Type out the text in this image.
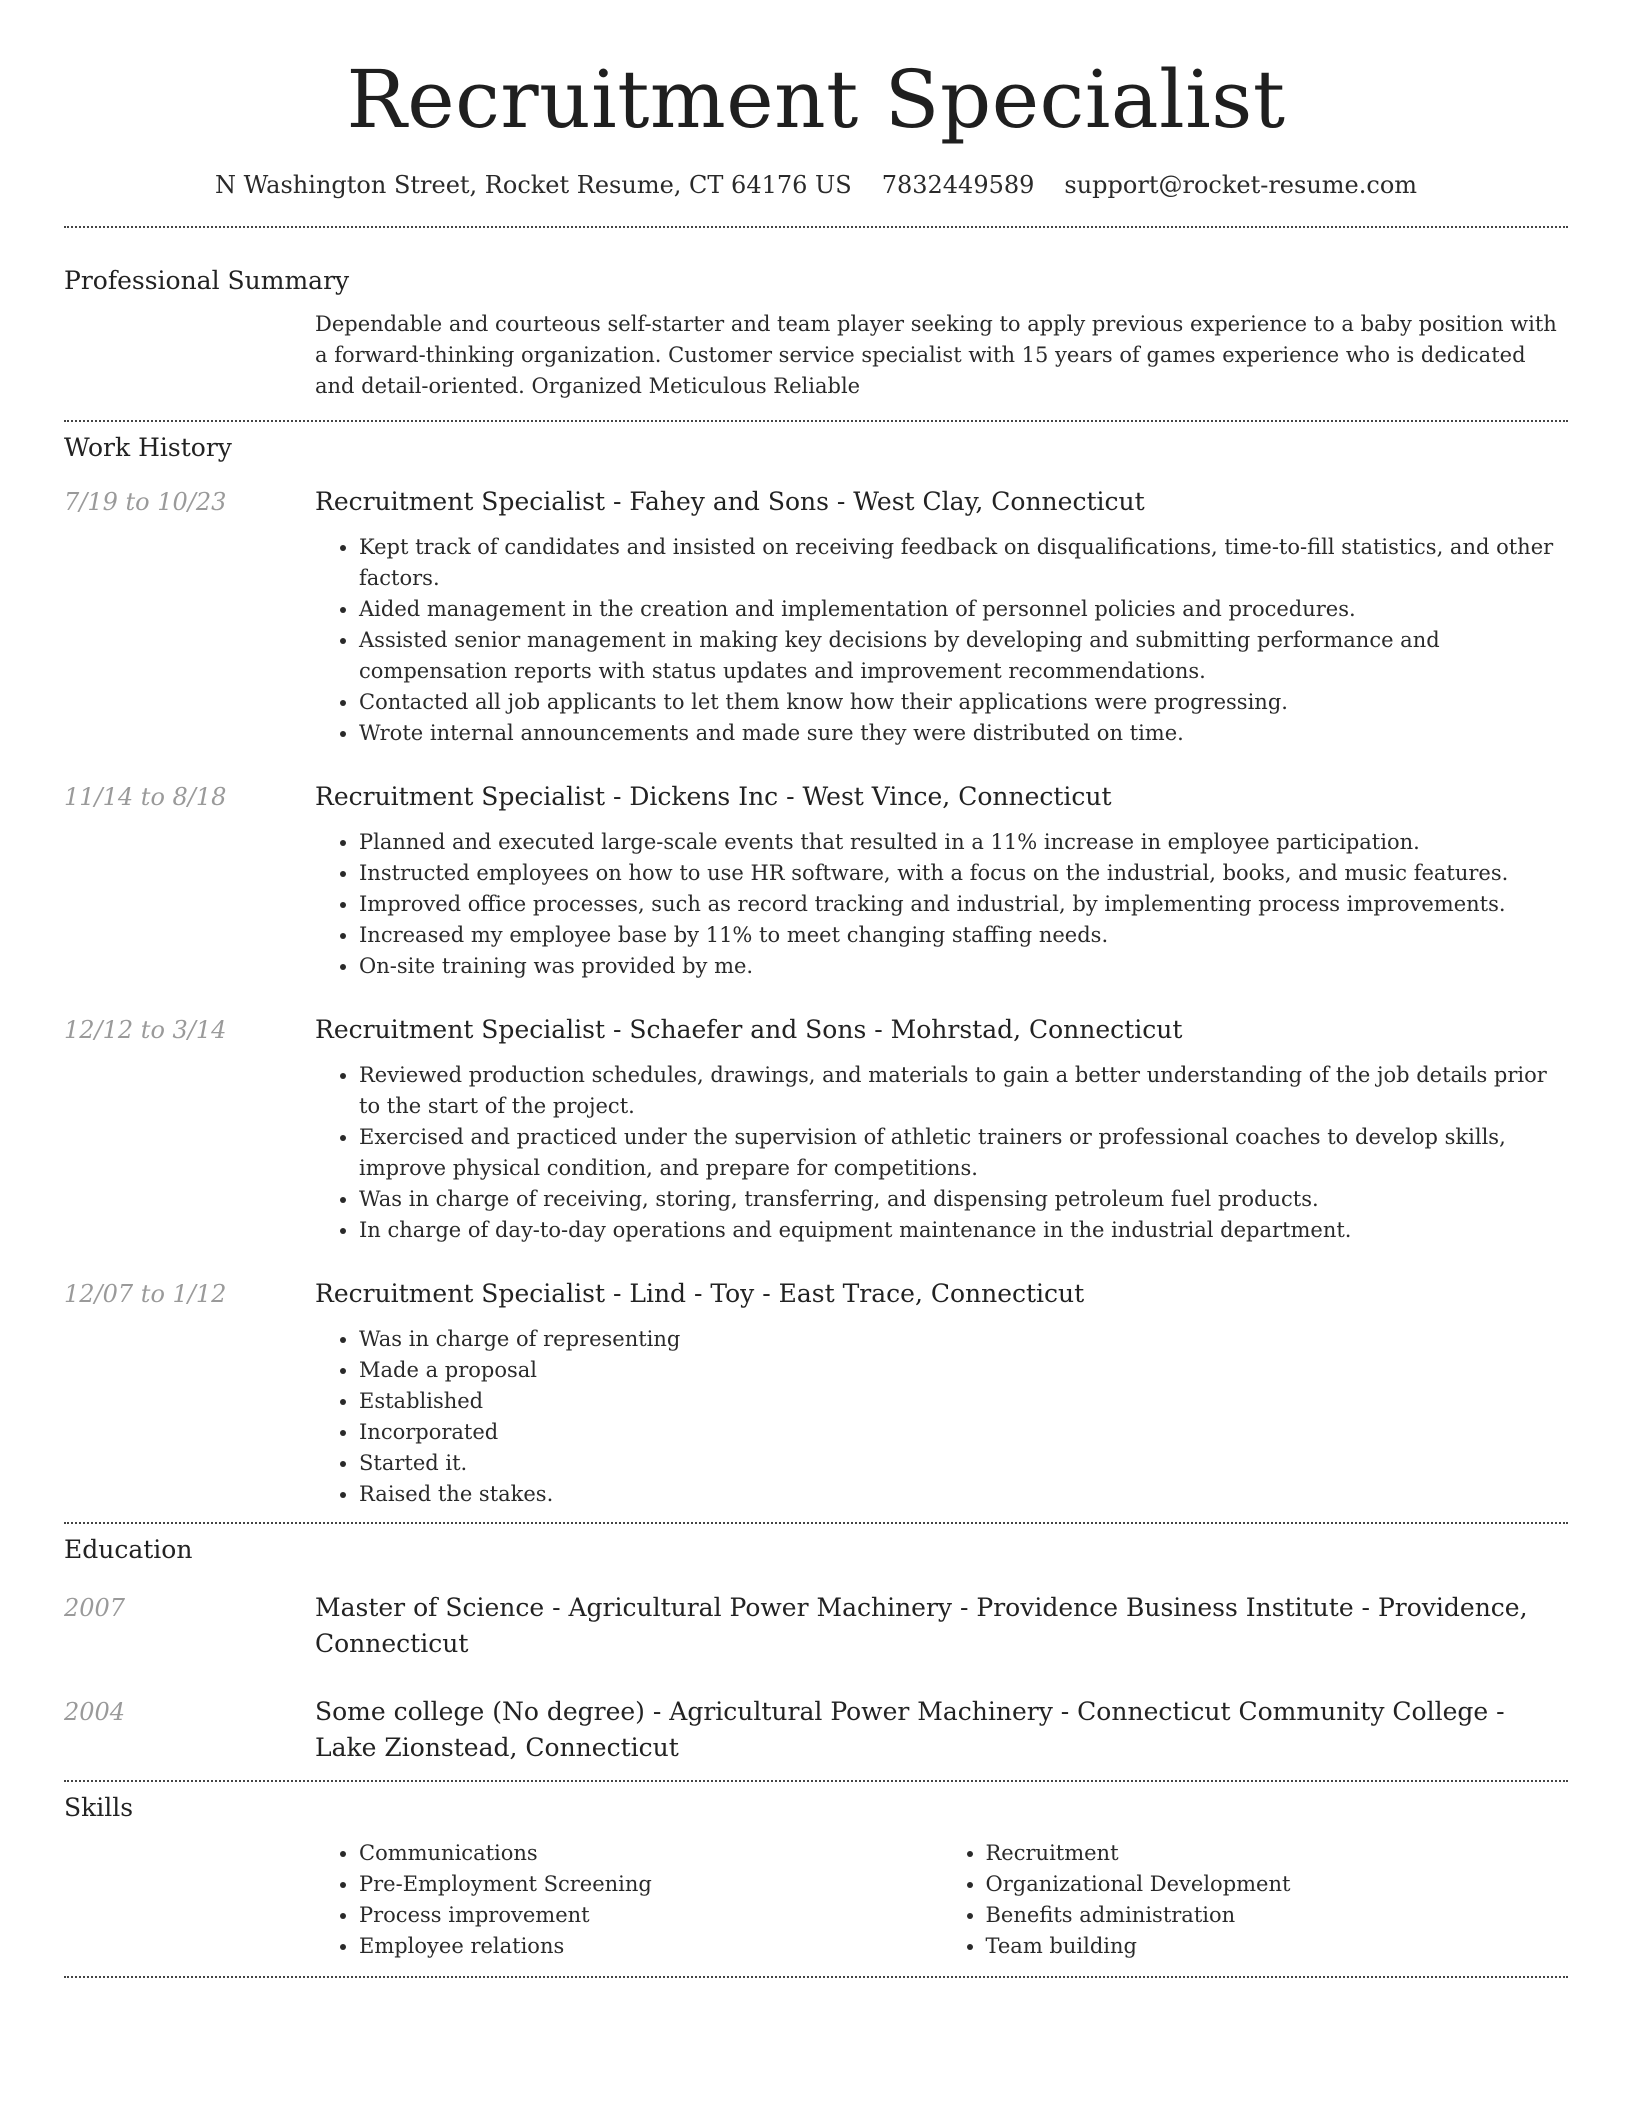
Recruitment Specialist
N Washington Street, Rocket Resume, CT 64176 US 7832449589 support@rocket-resume.com
Professional Summary

Dependable and courteous self-starter and team player seeking to apply previous experience to a baby position with a forward-thinking organization. Customer service specialist with 15 years of games experience who is dedicated and detail-oriented. Organized Meticulous Reliable

Work History
7/19 to 10/23	Recruitment Specialist - Fahey and Sons - West Clay, Connecticut
• Kept track of candidates and insisted on receiving feedback on disqualifications, time-to-fill statistics, and other factors.
• Aided management in the creation and implementation of personnel policies and procedures.
• Assisted senior management in making key decisions by developing and submitting performance and compensation reports with status updates and improvement recommendations.
• Contacted all job applicants to let them know how their applications were progressing.
• Wrote internal announcements and made sure they were distributed on time.
11/14 to 8/18	Recruitment Specialist - Dickens Inc - West Vince, Connecticut
• Planned and executed large-scale events that resulted in a 11% increase in employee participation.
• Instructed employees on how to use HR software, with a focus on the industrial, books, and music features.
• Improved office processes, such as record tracking and industrial, by implementing process improvements.
• Increased my employee base by 11% to meet changing staffing needs.
• On-site training was provided by me.
12/12 to 3/14	Recruitment Specialist - Schaefer and Sons - Mohrstad, Connecticut
• Reviewed production schedules, drawings, and materials to gain a better understanding of the job details prior to the start of the project.
• Exercised and practiced under the supervision of athletic trainers or professional coaches to develop skills, improve physical condition, and prepare for competitions.
• Was in charge of receiving, storing, transferring, and dispensing petroleum fuel products.
• In charge of day-to-day operations and equipment maintenance in the industrial department.
12/07 to 1/12	Recruitment Specialist - Lind - Toy - East Trace, Connecticut
• Was in charge of representing
• Made a proposal
• Established
• Incorporated
• Started it.
• Raised the stakes.
Education
2007	Master of Science - Agricultural Power Machinery - Providence Business Institute - Providence, Connecticut
2004	Some college (No degree) - Agricultural Power Machinery - Connecticut Community College - Lake Zionstead, Connecticut
Skills
• Communications
• Pre-Employment Screening
• Process improvement
• Employee relations
• Recruitment
• Organizational Development
• Benefits administration
• Team building
